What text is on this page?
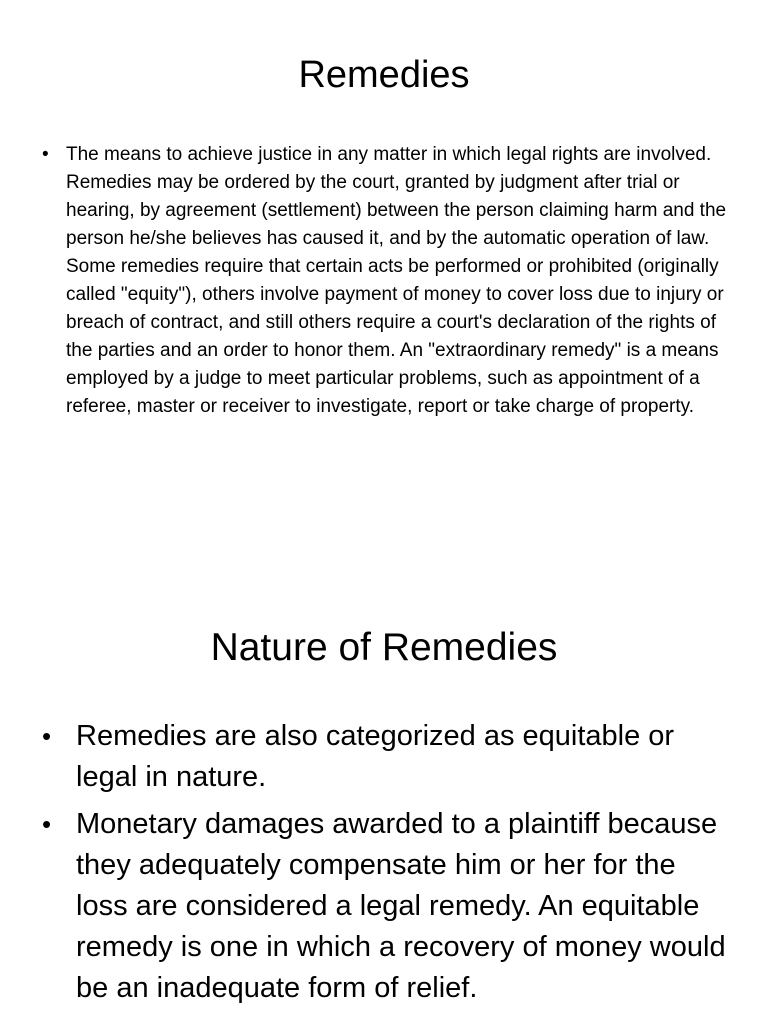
Remedies
• The means to achieve justice in any matter in which legal rights are involved. Remedies may be ordered by the court, granted by judgment after trial or hearing, by agreement (settlement) between the person claiming harm and the person he/she believes has caused it, and by the automatic operation of law. Some remedies require that certain acts be performed or prohibited (originally called "equity"), others involve payment of money to cover loss due to injury or breach of contract, and still others require a court's declaration of the rights of the parties and an order to honor them. An "extraordinary remedy" is a means employed by a judge to meet particular problems, such as appointment of a referee, master or receiver to investigate, report or take charge of property.
Nature of Remedies
• Remedies are also categorized as equitable or legal in nature.
• Monetary damages awarded to a plaintiff because they adequately compensate him or her for the loss are considered a legal remedy. An equitable remedy is one in which a recovery of money would be an inadequate form of relief.
